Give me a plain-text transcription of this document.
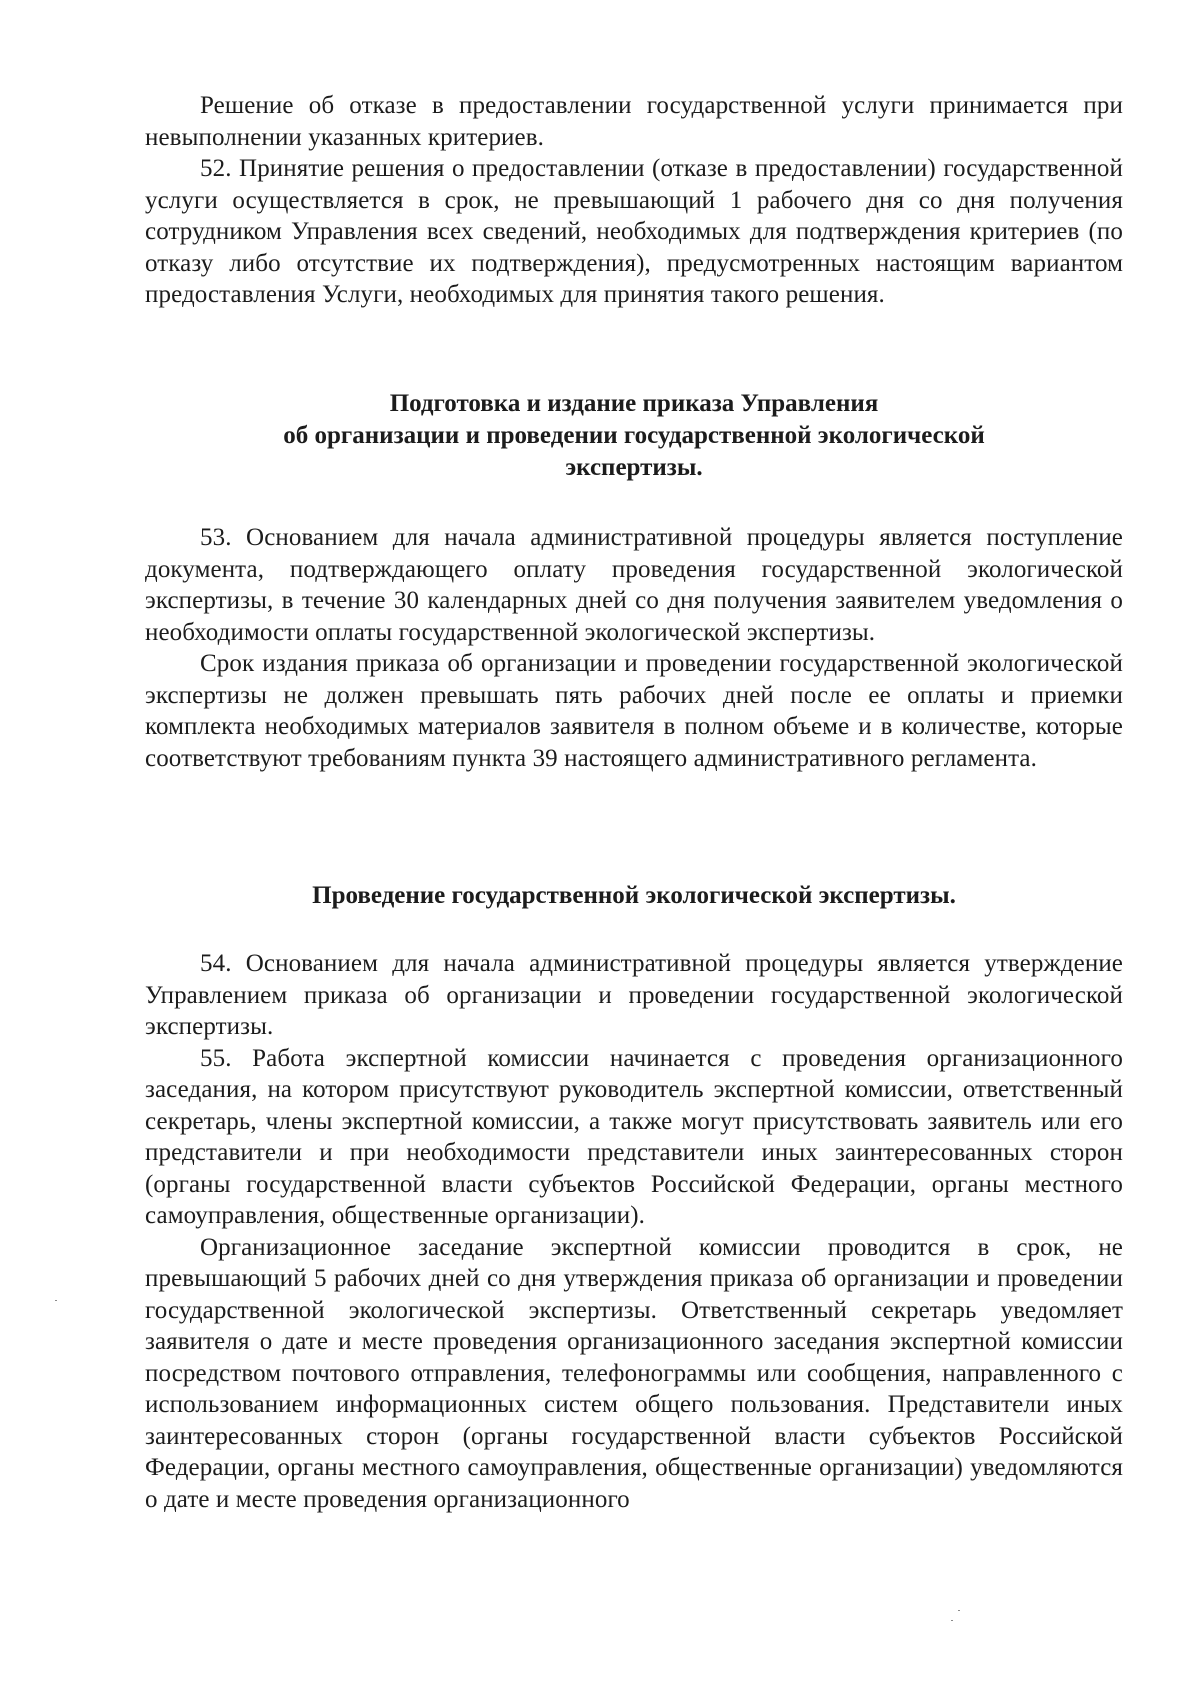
Решение об отказе в предоставлении государственной услуги принимается при невыполнении указанных критериев.

52. Принятие решения о предоставлении (отказе в предоставлении) государственной услуги осуществляется в срок, не превышающий 1 рабочего дня со дня получения сотрудником Управления всех сведений, необходимых для подтверждения критериев (по отказу либо отсутствие их подтверждения), предусмотренных настоящим вариантом предоставления Услуги, необходимых для принятия такого решения.

Подготовка и издание приказа Управления
об организации и проведении государственной экологической
экспертизы.

53. Основанием для начала административной процедуры является поступление документа, подтверждающего оплату проведения государственной экологической экспертизы, в течение 30 календарных дней со дня получения заявителем уведомления о необходимости оплаты государственной экологической экспертизы.

Срок издания приказа об организации и проведении государственной экологической экспертизы не должен превышать пять рабочих дней после ее оплаты и приемки комплекта необходимых материалов заявителя в полном объеме и в количестве, которые соответствуют требованиям пункта 39 настоящего административного регламента.

Проведение государственной экологической экспертизы.

54. Основанием для начала административной процедуры является утверждение Управлением приказа об организации и проведении государственной экологической экспертизы.

55. Работа экспертной комиссии начинается с проведения организационного заседания, на котором присутствуют руководитель экспертной комиссии, ответственный секретарь, члены экспертной комиссии, а также могут присутствовать заявитель или его представители и при необходимости представители иных заинтересованных сторон (органы государственной власти субъектов Российской Федерации, органы местного самоуправления, общественные организации).

Организационное заседание экспертной комиссии проводится в срок, не превышающий 5 рабочих дней со дня утверждения приказа об организации и проведении государственной экологической экспертизы. Ответственный секретарь уведомляет заявителя о дате и месте проведения организационного заседания экспертной комиссии посредством почтового отправления, телефонограммы или сообщения, направленного с использованием информационных систем общего пользования. Представители иных заинтересованных сторон (органы государственной власти субъектов Российской Федерации, органы местного самоуправления, общественные организации) уведомляются о дате и месте проведения организационного
